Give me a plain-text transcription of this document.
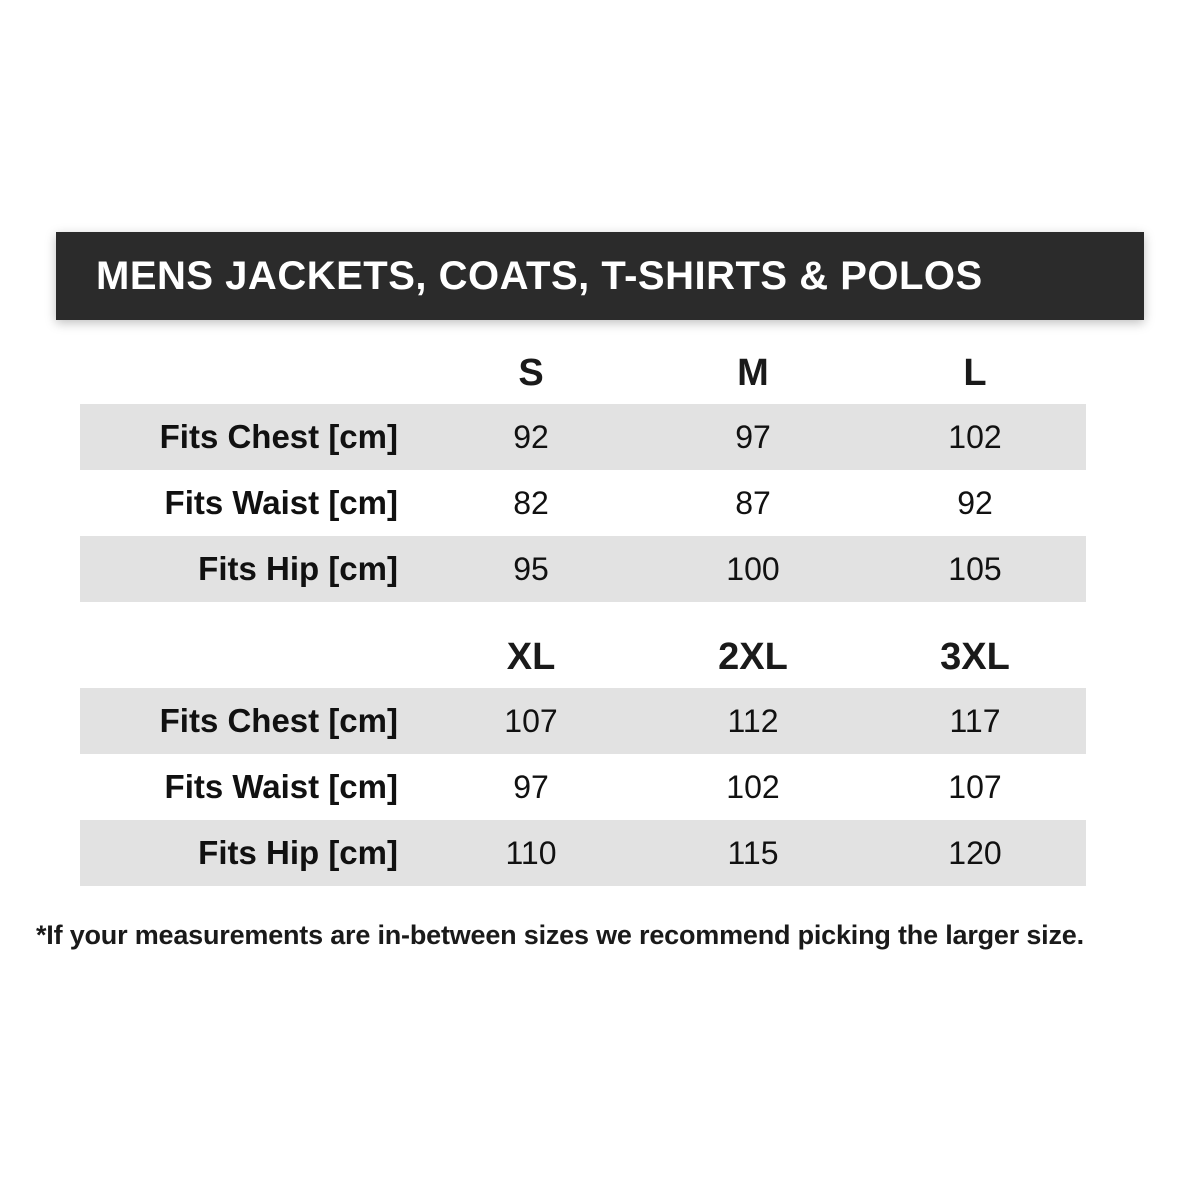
MENS JACKETS, COATS, T-SHIRTS & POLOS
	S	M	L
Fits Chest [cm]	92	97	102
Fits Waist [cm]	82	87	92
Fits Hip [cm]	95	100	105
	XL	2XL	3XL
Fits Chest [cm]	107	112	117
Fits Waist [cm]	97	102	107
Fits Hip [cm]	110	115	120
*If your measurements are in-between sizes we recommend picking the larger size.
